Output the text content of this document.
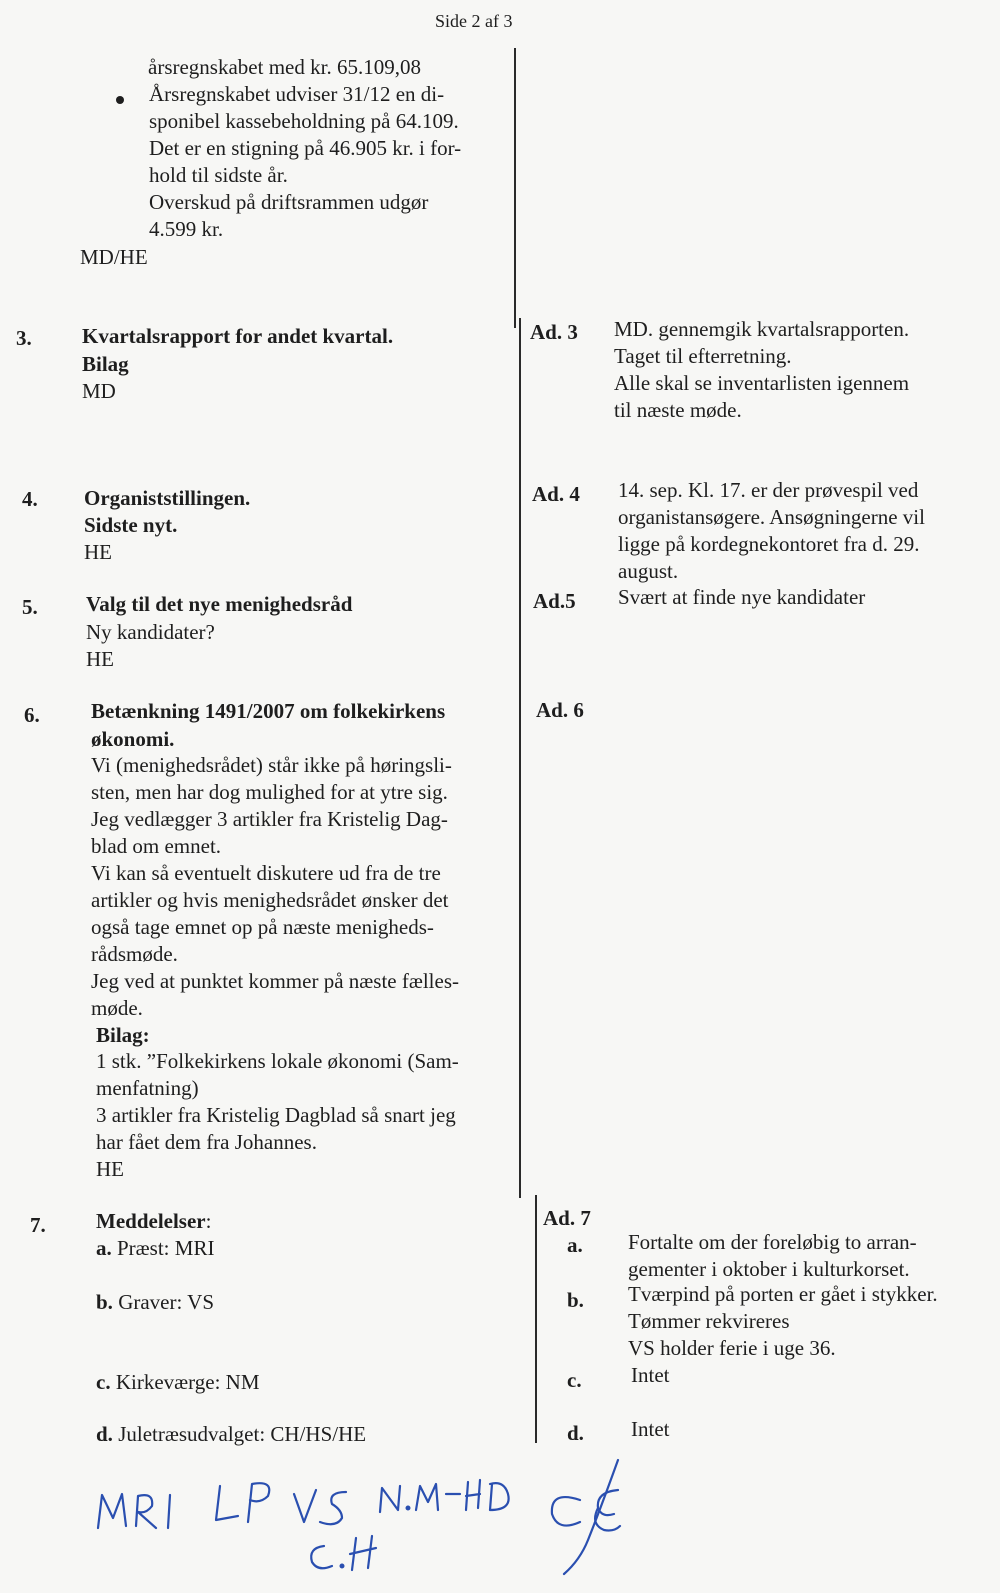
Side 2 af 3
årsregnskabet med kr. 65.109,08
Årsregnskabet udviser 31/12 en di-
sponibel kassebeholdning på 64.109.
Det er en stigning på 46.905 kr. i for-
hold til sidste år.
Overskud på driftsrammen udgør
4.599 kr.
MD/HE
3. Kvartalsrapport for andet kvartal.
Bilag
MD
Ad. 3 MD. gennemgik kvartalsrapporten.
Taget til efterretning.
Alle skal se inventarlisten igennem
til næste møde.
4. Organiststillingen.
Sidste nyt.
HE
Ad. 4 14. sep. Kl. 17. er der prøvespil ved
organistansøgere. Ansøgningerne vil
ligge på kordegnekontoret fra d. 29.
august.
5. Valg til det nye menighedsråd
Ny kandidater?
HE
Ad.5 Svært at finde nye kandidater
6. Betænkning 1491/2007 om folkekirkens
økonomi.
Vi (menighedsrådet) står ikke på høringsli-
sten, men har dog mulighed for at ytre sig.
Jeg vedlægger 3 artikler fra Kristelig Dag-
blad om emnet.
Vi kan så eventuelt diskutere ud fra de tre
artikler og hvis menighedsrådet ønsker det
også tage emnet op på næste menigheds-
rådsmøde.
Jeg ved at punktet kommer på næste fælles-
møde.
Bilag:
1 stk. ”Folkekirkens lokale økonomi (Sam-
menfatning)
3 artikler fra Kristelig Dagblad så snart jeg
har fået dem fra Johannes.
HE
Ad. 6
7. Meddelelser:	Ad. 7
a. Præst: MRI	a. Fortalte om der foreløbig to arran-
gementer i oktober i kulturkorset.
b. Graver: VS	b. Tværpind på porten er gået i stykker.
Tømmer rekvireres
VS holder ferie i uge 36.
c. Kirkeværge: NM	c. Intet
d. Juletræsudvalget: CH/HS/HE	d. Intet
